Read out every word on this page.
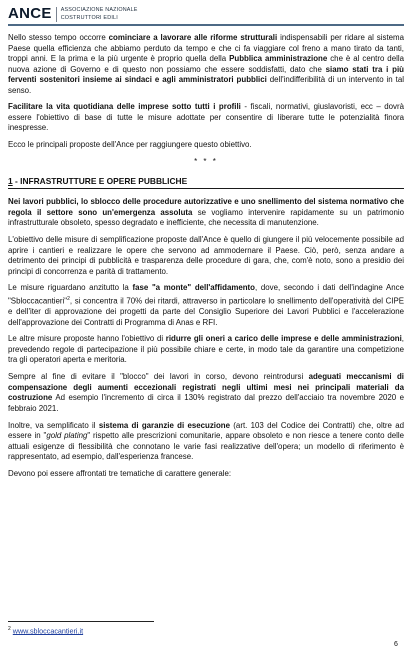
ANCE ASSOCIAZIONE NAZIONALE
COSTRUTTORI EDILI

Nello stesso tempo occorre cominciare a lavorare alle riforme strutturali indispensabili per ridare al sistema Paese quella efficienza che abbiamo perduto da tempo e che ci fa viaggiare col freno a mano tirato da tanti, troppi anni. E la prima e la più urgente è proprio quella della Pubblica amministrazione che è al centro della nuova azione di Governo e di questo non possiamo che essere soddisfatti, dato che siamo stati tra i più ferventi sostenitori insieme ai sindaci e agli amministratori pubblici dell'indifferibilità di un intervento in tal senso.

Facilitare la vita quotidiana delle imprese sotto tutti i profili - fiscali, normativi, giuslavoristi, ecc – dovrà essere l'obiettivo di base di tutte le misure adottate per consentire di liberare tutte le potenzialità finora inespresse.

Ecco le principali proposte dell'Ance per raggiungere questo obiettivo.

* * *
1 - INFRASTRUTTURE E OPERE PUBBLICHE

Nei lavori pubblici, lo sblocco delle procedure autorizzative e uno snellimento del sistema normativo che regola il settore sono un'emergenza assoluta se vogliamo intervenire rapidamente su un patrimonio infrastrutturale obsoleto, spesso degradato e inefficiente, che necessita di manutenzione.

L'obiettivo delle misure di semplificazione proposte dall'Ance è quello di giungere il più velocemente possibile ad aprire i cantieri e realizzare le opere che servono ad ammodernare il Paese. Ciò, però, senza andare a detrimento dei principi di pubblicità e trasparenza delle procedure di gara, che, com'è noto, sono a presidio dei principi di concorrenza e parità di trattamento.

Le misure riguardano anzitutto la fase "a monte" dell'affidamento, dove, secondo i dati dell'indagine Ance "Sbloccacantieri"$^2$, si concentra il 70% dei ritardi, attraverso in particolare lo snellimento dell'operatività del CIPE e dell'iter di approvazione dei progetti da parte del Consiglio Superiore dei Lavori Pubblici e l'accelerazione dell'approvazione dei Contratti di Programma di Anas e RFI.

Le altre misure proposte hanno l'obiettivo di ridurre gli oneri a carico delle imprese e delle amministrazioni, prevedendo regole di partecipazione il più possibile chiare e certe, in modo tale da garantire una competizione tra gli operatori aperta e meritoria.

Sempre al fine di evitare il "blocco" dei lavori in corso, devono reintrodursi adeguati meccanismi di compensazione degli aumenti eccezionali registrati negli ultimi mesi nei principali materiali da costruzione Ad esempio l'incremento di circa il 130% registrato dal prezzo dell'acciaio tra novembre 2020 e febbraio 2021.

Inoltre, va semplificato il sistema di garanzie di esecuzione (art. 103 del Codice dei Contratti) che, oltre ad essere in "gold plating" rispetto alle prescrizioni comunitarie, appare obsoleto e non riesce a tenere conto delle attuali esigenze di flessibilità che connotano le varie fasi realizzative dell'opera; un modello di riferimento è rappresentato, ad esempio, dall'esperienza francese.

Devono poi essere affrontati tre tematiche di carattere generale:

$^2$ www.sbloccacantieri.it
6
